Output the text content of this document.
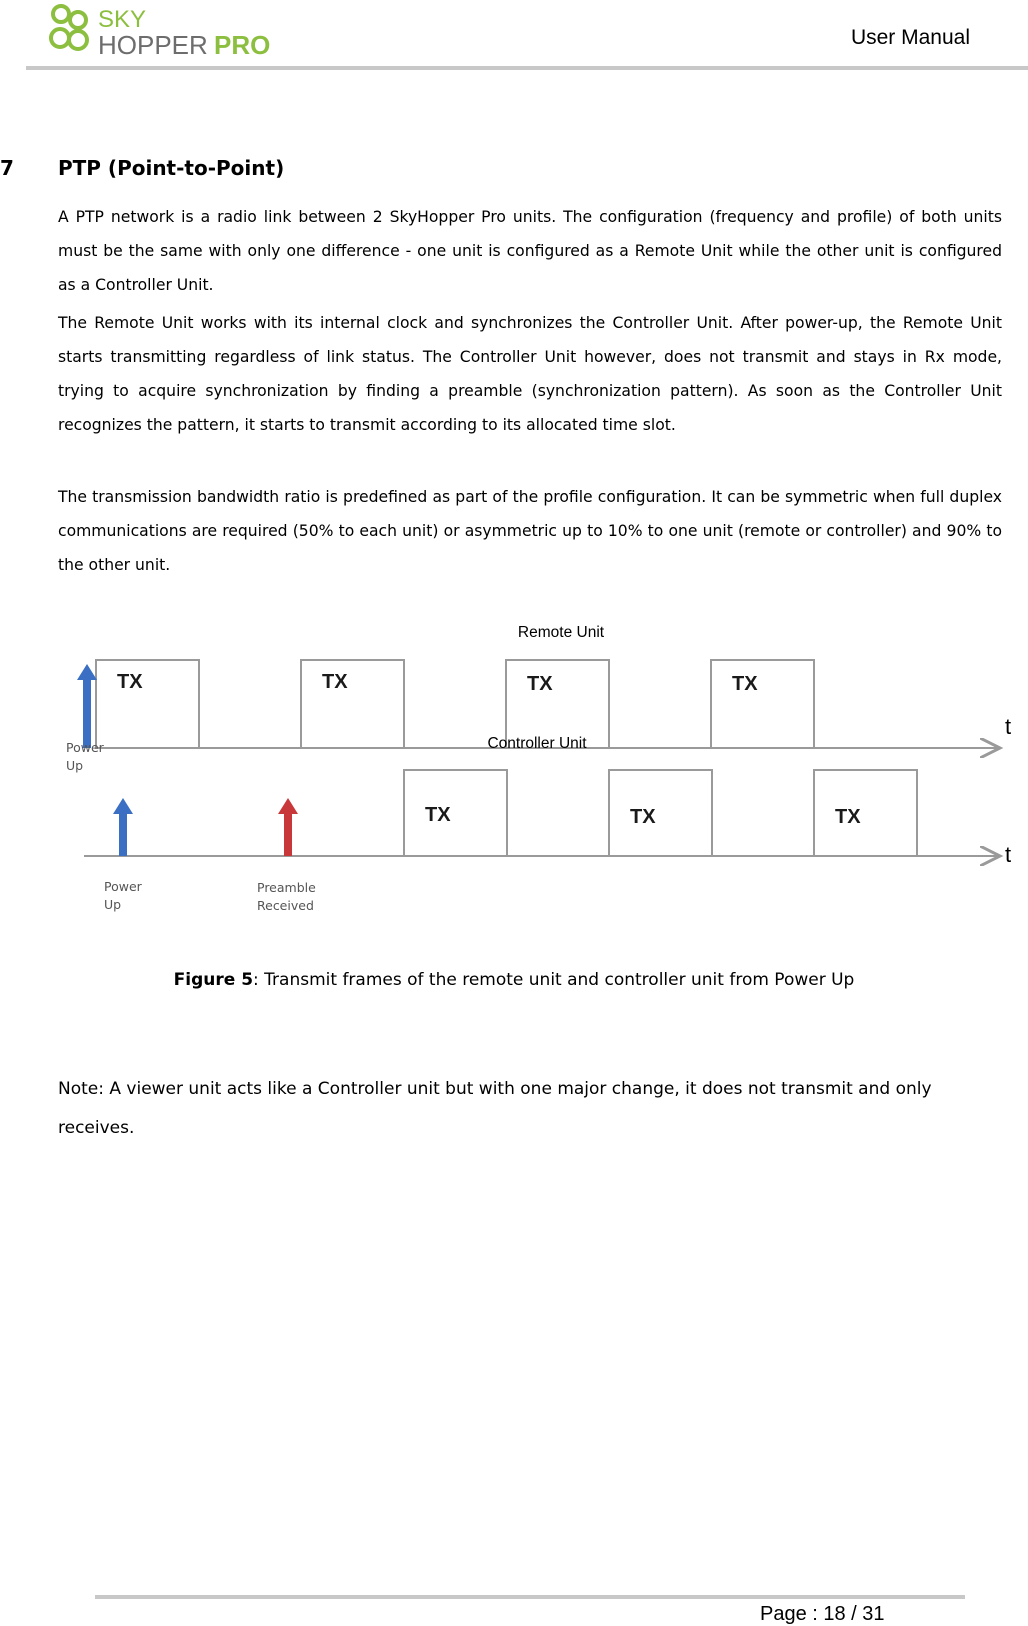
SKY
HOPPER PRO	User Manual
7 PTP (Point-to-Point)

A PTP network is a radio link between 2 SkyHopper Pro units. The configuration (frequency and profile) of both units must be the same with only one difference - one unit is configured as a Remote Unit while the other unit is configured as a Controller Unit.

The Remote Unit works with its internal clock and synchronizes the Controller Unit. After power-up, the Remote Unit starts transmitting regardless of link status. The Controller Unit however, does not transmit and stays in Rx mode, trying to acquire synchronization by finding a preamble (synchronization pattern). As soon as the Controller Unit recognizes the pattern, it starts to transmit according to its allocated time slot.

The transmission bandwidth ratio is predefined as part of the profile configuration. It can be symmetric when full duplex communications are required (50% to each unit) or asymmetric up to 10% to one unit (remote or controller) and 90% to the other unit.

Remote Unit
TX	TX	TX	TX
t
Power Up
Controller Unit
TX	TX	TX
t
Power Up
Preamble Received
Figure 5: Transmit frames of the remote unit and controller unit from Power Up
Note: A viewer unit acts like a Controller unit but with one major change, it does not transmit and only receives.
Page : 18 / 31
